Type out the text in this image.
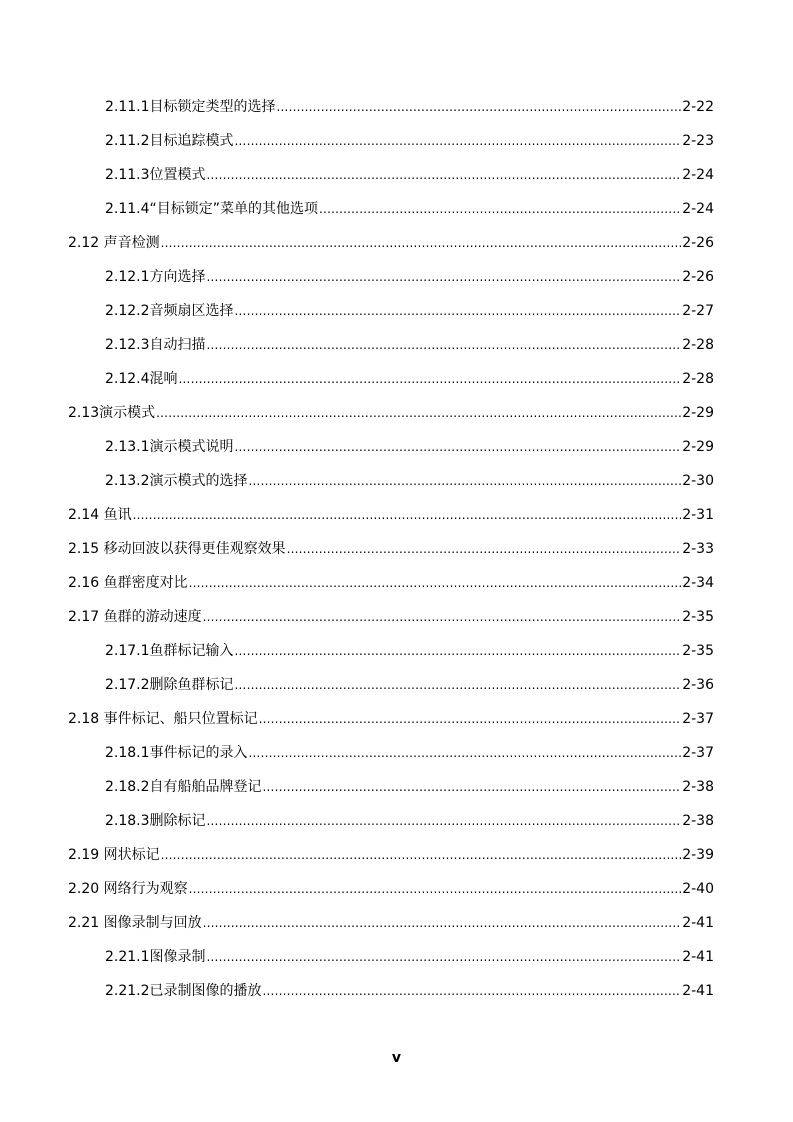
2.11.1目标锁定类型的选择 .....	2-22
2.11.2目标追踪模式 .....	2-23
2.11.3位置模式 .....	2-24
2.11.4“目标锁定”菜单的其他选项 .....	2-24
2.12 声音检测 .....	2-26
2.12.1方向选择 .....	2-26
2.12.2音频扇区选择 .....	2-27
2.12.3自动扫描 .....	2-28
2.12.4混响 .....	2-28
2.13演示模式 .....	2-29
2.13.1演示模式说明 .....	2-29
2.13.2演示模式的选择 .....	2-30
2.14 鱼讯 .....	2-31
2.15 移动回波以获得更佳观察效果 .....	2-33
2.16 鱼群密度对比 .....	2-34
2.17 鱼群的游动速度 .....	2-35
2.17.1鱼群标记输入 .....	2-35
2.17.2删除鱼群标记 .....	2-36
2.18 事件标记、船只位置标记 .....	2-37
2.18.1事件标记的录入 .....	2-37
2.18.2自有船舶品牌登记 .....	2-38
2.18.3删除标记 .....	2-38
2.19 网状标记 .....	2-39
2.20 网络行为观察 .....	2-40
2.21 图像录制与回放 .....	2-41
2.21.1图像录制 .....	2-41
2.21.2已录制图像的播放 .....	2-41
v
